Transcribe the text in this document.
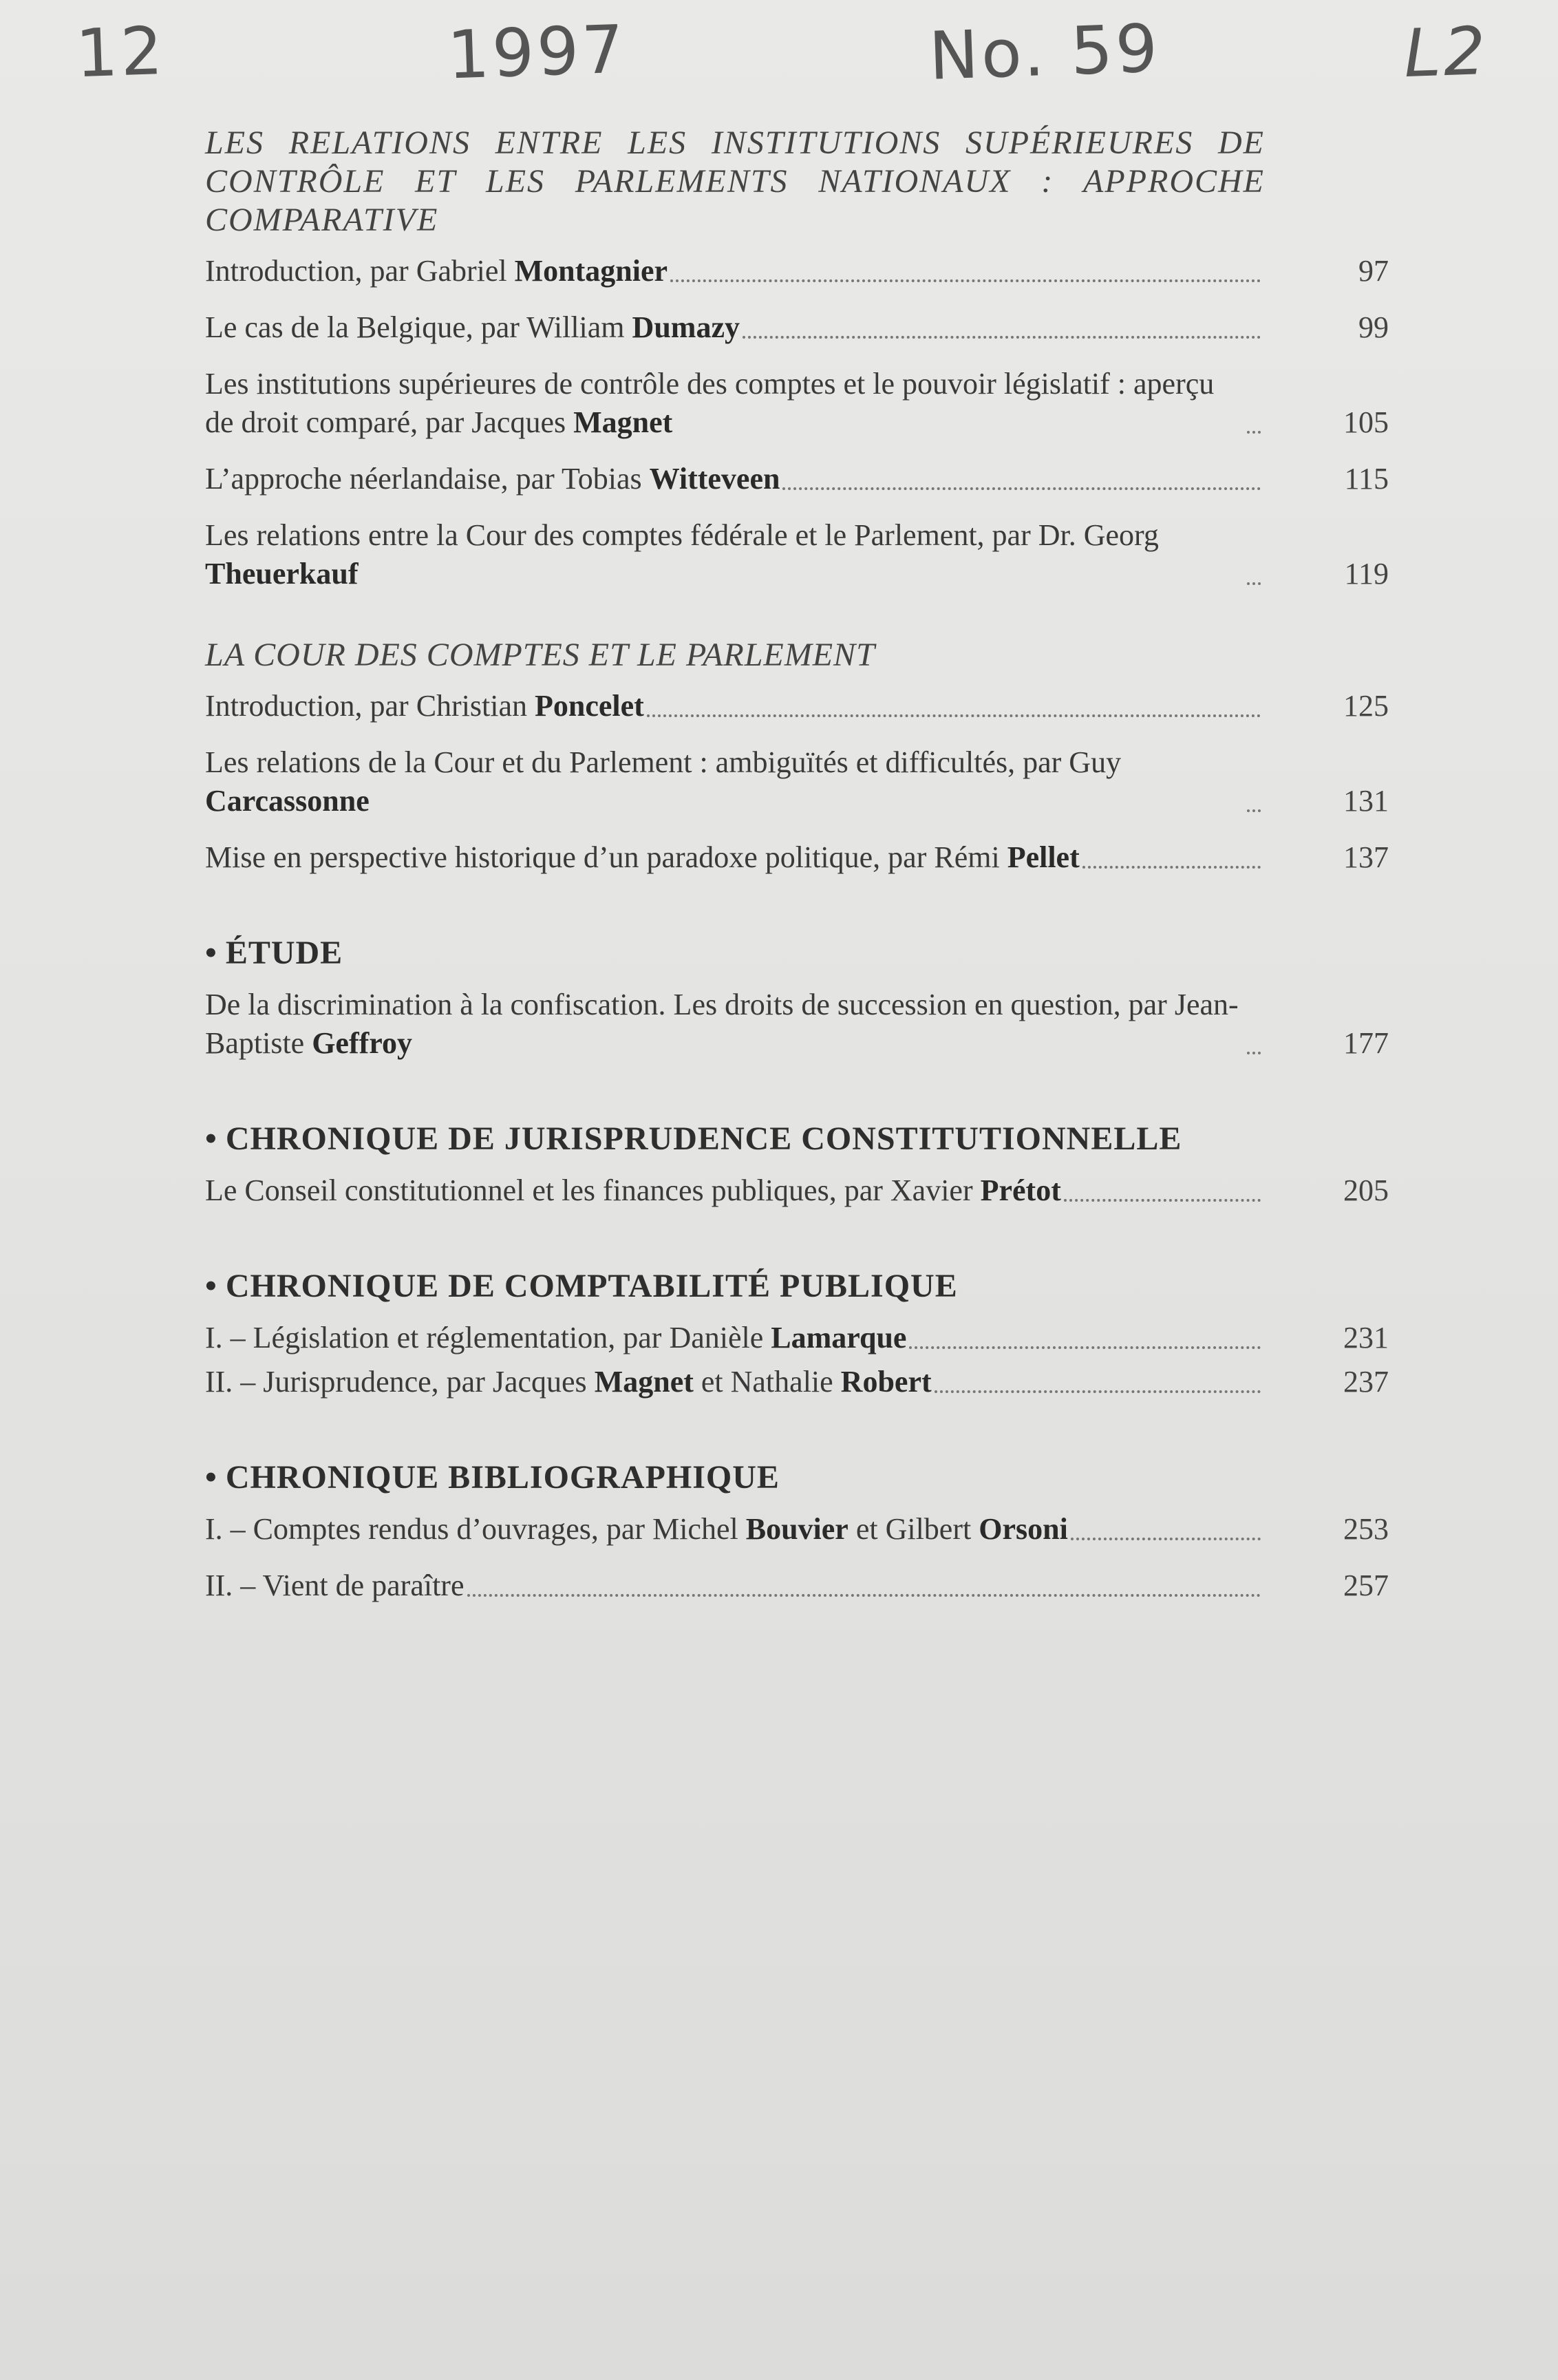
12	1997	No. 59	L2
LES RELATIONS ENTRE LES INSTITUTIONS SUPÉRIEURES DE CONTRÔLE ET LES PARLEMENTS NATIONAUX : APPROCHE COMPARATIVE
Introduction, par Gabriel Montagnier	97
Le cas de la Belgique, par William Dumazy	99
Les institutions supérieures de contrôle des comptes et le pouvoir législatif : aperçu de droit comparé, par Jacques Magnet	105
L’approche néerlandaise, par Tobias Witteveen	115
Les relations entre la Cour des comptes fédérale et le Parlement, par Dr. Georg Theuerkauf	119
LA COUR DES COMPTES ET LE PARLEMENT
Introduction, par Christian Poncelet	125
Les relations de la Cour et du Parlement : ambiguïtés et difficultés, par Guy Carcassonne	131
Mise en perspective historique d’un paradoxe politique, par Rémi Pellet	137
• ÉTUDE
De la discrimination à la confiscation. Les droits de succession en question, par Jean-Baptiste Geffroy	177
• CHRONIQUE DE JURISPRUDENCE CONSTITUTIONNELLE
Le Conseil constitutionnel et les finances publiques, par Xavier Prétot	205
• CHRONIQUE DE COMPTABILITÉ PUBLIQUE
I. – Législation et réglementation, par Danièle Lamarque	231
II. – Jurisprudence, par Jacques Magnet et Nathalie Robert	237
• CHRONIQUE BIBLIOGRAPHIQUE
I. – Comptes rendus d’ouvrages, par Michel Bouvier et Gilbert Orsoni	253
II. – Vient de paraître	257
